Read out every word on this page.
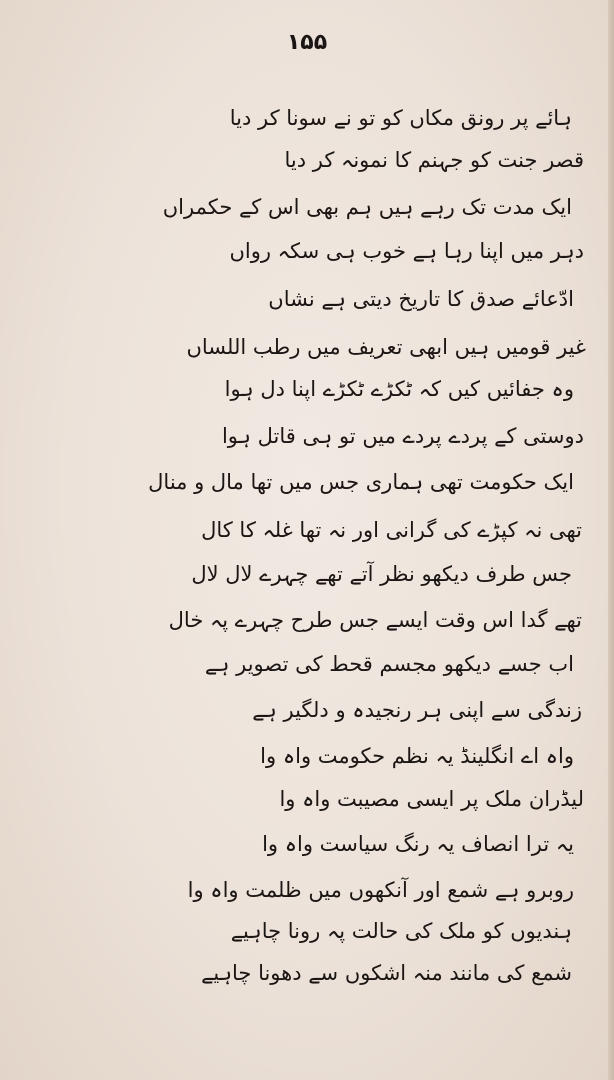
۱۵۵
ہائے پر رونق مکاں کو تو نے سونا کر دیا
قصر جنت کو جہنم کا نمونہ کر دیا
ایک مدت تک رہے ہیں ہم بھی اس کے حکمراں
دہر میں اپنا رہا ہے خوب ہی سکہ رواں
ادّعائے صدق کا تاریخ دیتی ہے نشاں
غیر قومیں ہیں ابھی تعریف میں رطب اللساں
وہ جفائیں کیں کہ ٹکڑے ٹکڑے اپنا دل ہوا
دوستی کے پردے پردے میں تو ہی قاتل ہوا
ایک حکومت تھی ہماری جس میں تھا مال و منال
تھی نہ کپڑے کی گرانی اور نہ تھا غلہ کا کال
جس طرف دیکھو نظر آتے تھے چہرے لال لال
تھے گدا اس وقت ایسے جس طرح چہرے پہ خال
اب جسے دیکھو مجسم قحط کی تصویر ہے
زندگی سے اپنی ہر رنجیدہ و دلگیر ہے
واہ اے انگلینڈ یہ نظم حکومت واہ وا
لیڈران ملک پر ایسی مصیبت واہ وا
یہ ترا انصاف یہ رنگ سیاست واہ وا
روبرو ہے شمع اور آنکھوں میں ظلمت واہ وا
ہندیوں کو ملک کی حالت پہ رونا چاہیے
شمع کی مانند منہ اشکوں سے دھونا چاہیے
